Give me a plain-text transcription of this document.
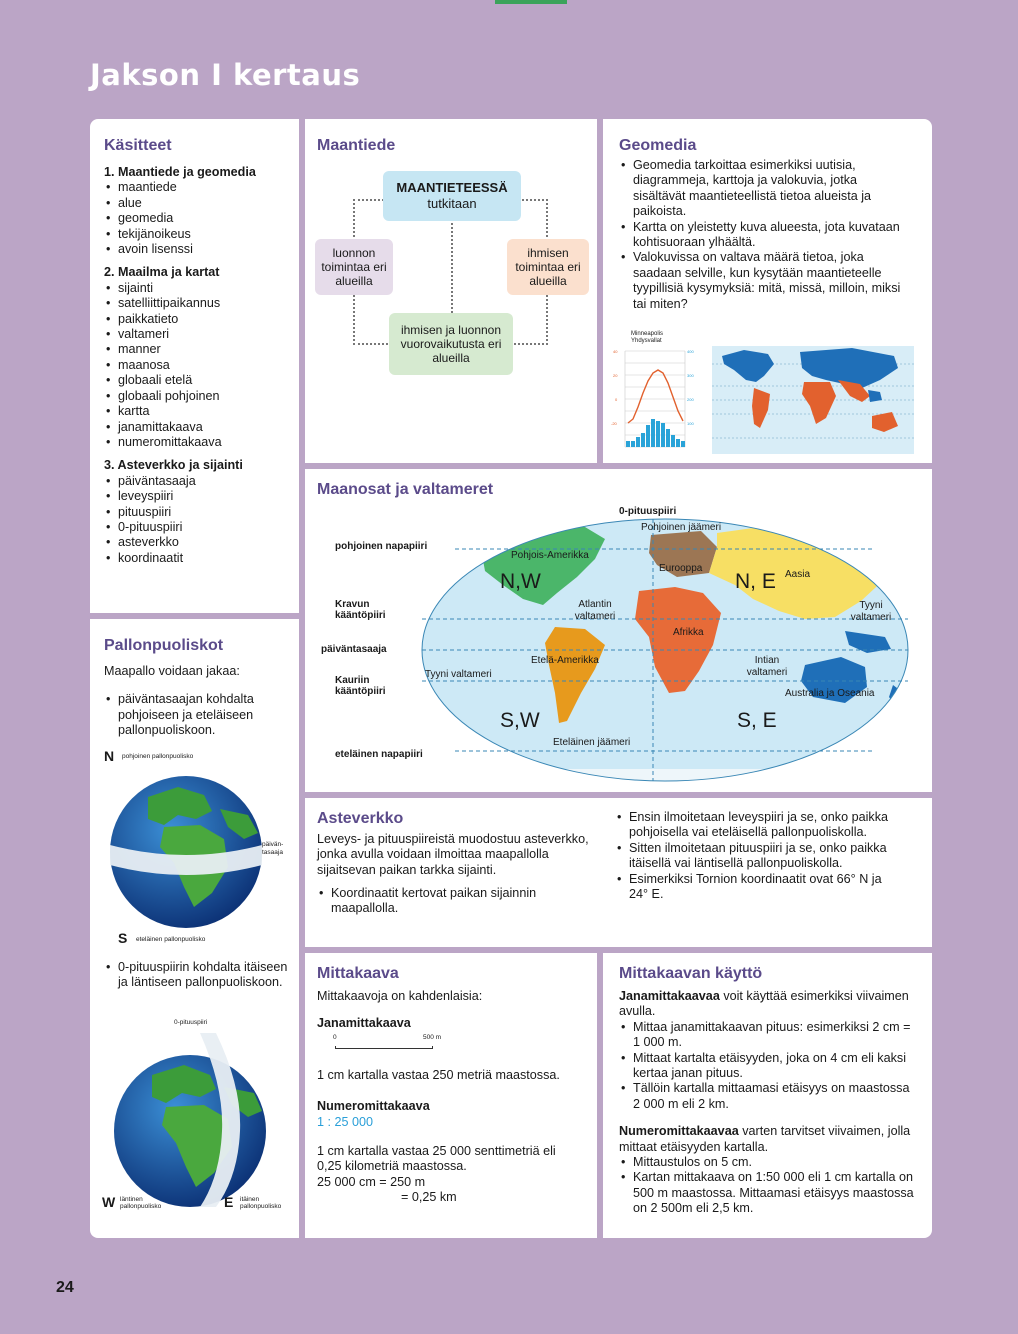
Jakson I kertaus
Käsitteet
1. Maantiede ja geomedia
• maantiede
• alue
• geomedia
• tekijänoikeus
• avoin lisenssi
2. Maailma ja kartat
• sijainti
• satelliittipaikannus
• paikkatieto
• valtameri
• manner
• maanosa
• globaali etelä
• globaali pohjoinen
• kartta
• janamittakaava
• numeromittakaava
3. Asteverkko ja sijainti
• päiväntasaaja
• leveyspiiri
• pituuspiiri
• 0-pituuspiiri
• asteverkko
• koordinaatit
Maantiede
MAANTIETEESSÄ
tutkitaan
luonnon toimintaa eri alueilla
ihmisen toimintaa eri alueilla
ihmisen ja luonnon vuorovaikutusta eri alueilla
Geomedia
• Geomedia tarkoittaa esimerkiksi uutisia, diagrammeja, karttoja ja valokuvia, jotka sisältävät maantieteellistä tietoa alueista ja paikoista.
• Kartta on yleistetty kuva alueesta, jota kuvataan kohtisuoraan ylhäältä.
• Valokuvissa on valtava määrä tietoa, joka saadaan selville, kun kysytään maantieteelle tyypillisiä kysymyksiä: mitä, missä, milloin, miksi tai miten?
Minneapolis Yhdysvallat
40
20
0
-20
400
300
200
100
Pallonpuoliskot
Maapallo voidaan jakaa:
• päiväntasaajan kohdalta pohjoiseen ja eteläiseen pallonpuoliskoon.
N pohjoinen pallonpuolisko
päivän-tasaaja
S eteläinen pallonpuolisko
• 0-pituuspiirin kohdalta itäiseen ja läntiseen pallonpuoliskoon.
0-pituuspiiri
W läntinen pallonpuolisko	E itäinen pallonpuolisko
Maanosat ja valtameret
0-pituuspiiri
Pohjoinen jäämeri
pohjoinen napapiiri
Kravun kääntöpiiri
päiväntasaaja
Kauriin kääntöpiiri
eteläinen napapiiri
Pohjois-Amerikka
Eurooppa
Aasia
Atlantin valtameri
Tyyni valtameri
Afrikka
Etelä-Amerikka
Tyyni valtameri
Intian valtameri
Australia ja Oseania
Eteläinen jäämeri
N,W	N, E
S,W	S, E
Asteverkko
Leveys- ja pituuspiireistä muodostuu asteverkko, jonka avulla voidaan ilmoittaa maapallolla sijaitsevan paikan tarkka sijainti.
• Koordinaatit kertovat paikan sijainnin maapallolla.
• Ensin ilmoitetaan leveyspiiri ja se, onko paikka pohjoisella vai eteläisellä pallonpuoliskolla.
• Sitten ilmoitetaan pituuspiiri ja se, onko paikka itäisellä vai läntisellä pallonpuoliskolla.
• Esimerkiksi Tornion koordinaatit ovat 66° N ja 24° E.
Mittakaava
Mittakaavoja on kahdenlaisia:
Janamittakaava
0	500 m
1 cm kartalla vastaa 250 metriä maastossa.
Numeromittakaava
1 : 25 000
1 cm kartalla vastaa 25 000 senttimetriä eli 0,25 kilometriä maastossa.
25 000 cm = 250 m
= 0,25 km
Mittakaavan käyttö
Janamittakaavaa voit käyttää esimerkiksi viivaimen avulla.
• Mittaa janamittakaavan pituus: esimerkiksi 2 cm = 1 000 m.
• Mittaat kartalta etäisyyden, joka on 4 cm eli kaksi kertaa janan pituus.
• Tällöin kartalla mittaamasi etäisyys on maastossa 2 000 m eli 2 km.
Numeromittakaavaa varten tarvitset viivaimen, jolla mittaat etäisyyden kartalla.
• Mittaustulos on 5 cm.
• Kartan mittakaava on 1:50 000 eli 1 cm kartalla on 500 m maastossa. Mittaamasi etäisyys maastossa on 2 500m eli 2,5 km.
24
